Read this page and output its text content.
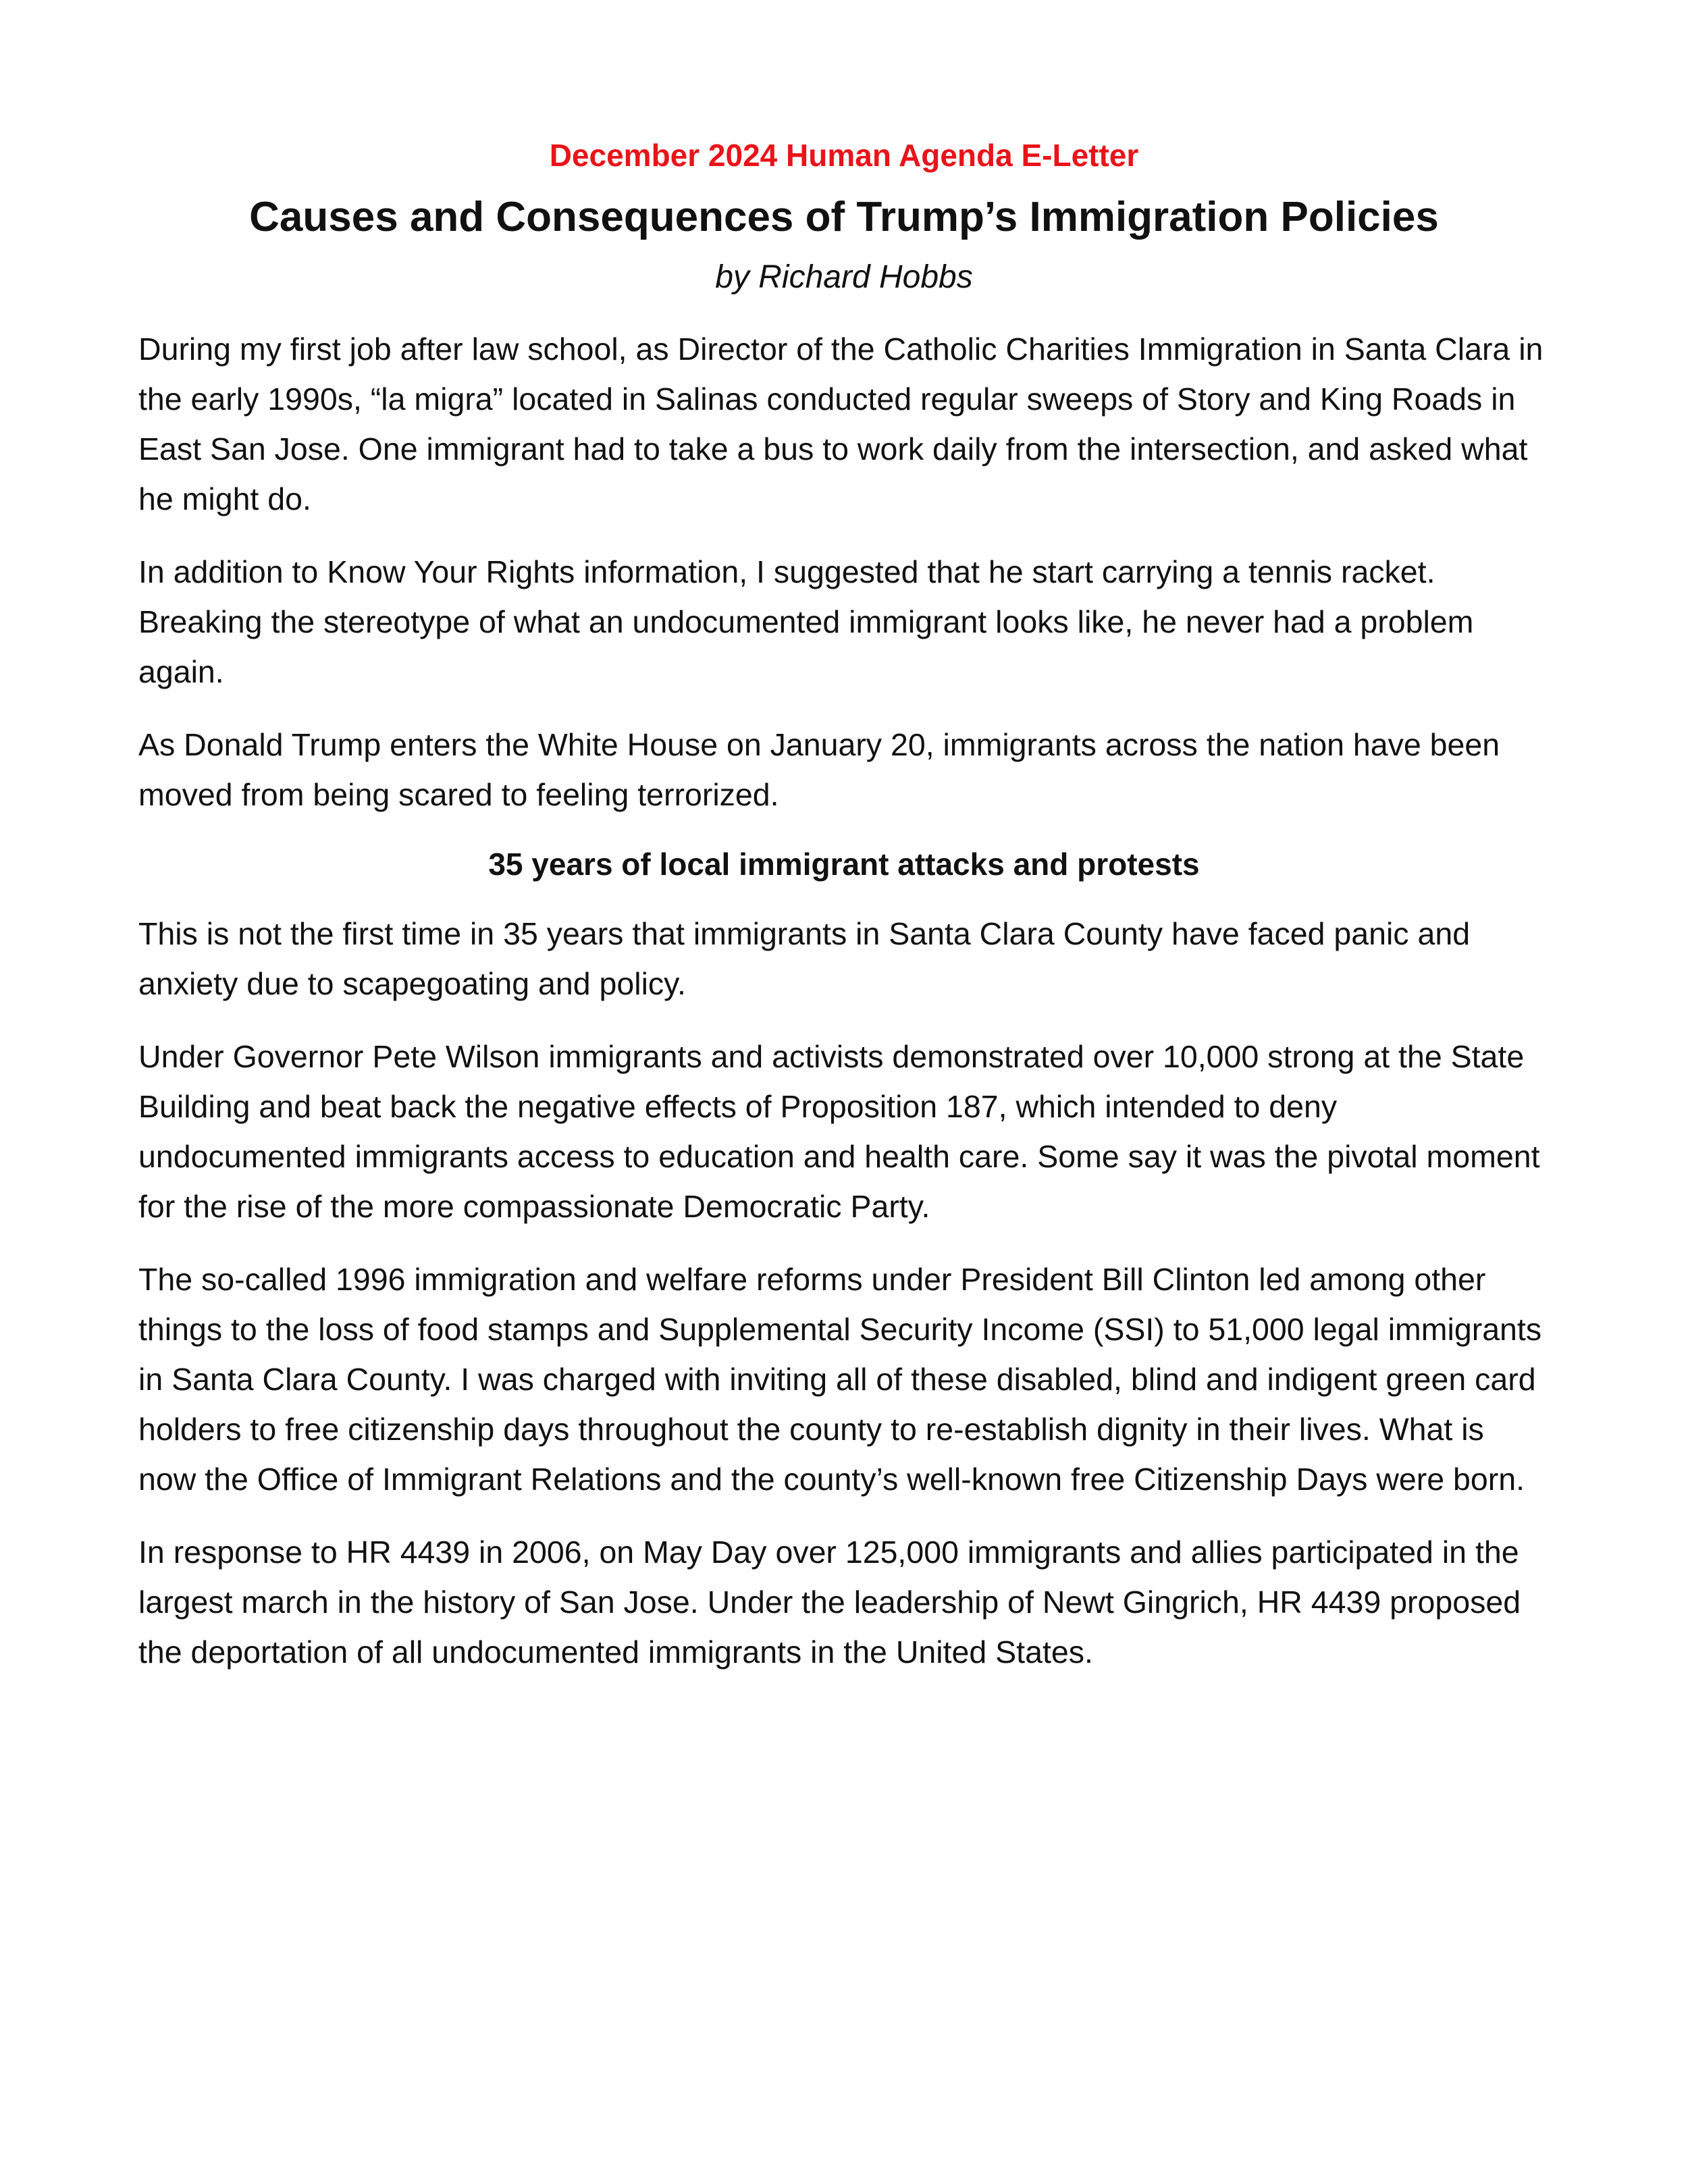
December 2024 Human Agenda E-Letter
Causes and Consequences of Trump’s Immigration Policies
by Richard Hobbs

During my first job after law school, as Director of the Catholic Charities Immigration in Santa Clara in the early 1990s, “la migra” located in Salinas conducted regular sweeps of Story and King Roads in East San Jose. One immigrant had to take a bus to work daily from the intersection, and asked what he might do.

In addition to Know Your Rights information, I suggested that he start carrying a tennis racket. Breaking the stereotype of what an undocumented immigrant looks like, he never had a problem again.

As Donald Trump enters the White House on January 20, immigrants across the nation have been moved from being scared to feeling terrorized.

35 years of local immigrant attacks and protests

This is not the first time in 35 years that immigrants in Santa Clara County have faced panic and anxiety due to scapegoating and policy.

Under Governor Pete Wilson immigrants and activists demonstrated over 10,000 strong at the State Building and beat back the negative effects of Proposition 187, which intended to deny undocumented immigrants access to education and health care. Some say it was the pivotal moment for the rise of the more compassionate Democratic Party.

The so-called 1996 immigration and welfare reforms under President Bill Clinton led among other things to the loss of food stamps and Supplemental Security Income (SSI) to 51,000 legal immigrants in Santa Clara County. I was charged with inviting all of these disabled, blind and indigent green card holders to free citizenship days throughout the county to re-establish dignity in their lives. What is now the Office of Immigrant Relations and the county’s well-known free Citizenship Days were born.

In response to HR 4439 in 2006, on May Day over 125,000 immigrants and allies participated in the largest march in the history of San Jose. Under the leadership of Newt Gingrich, HR 4439 proposed the deportation of all undocumented immigrants in the United States.
